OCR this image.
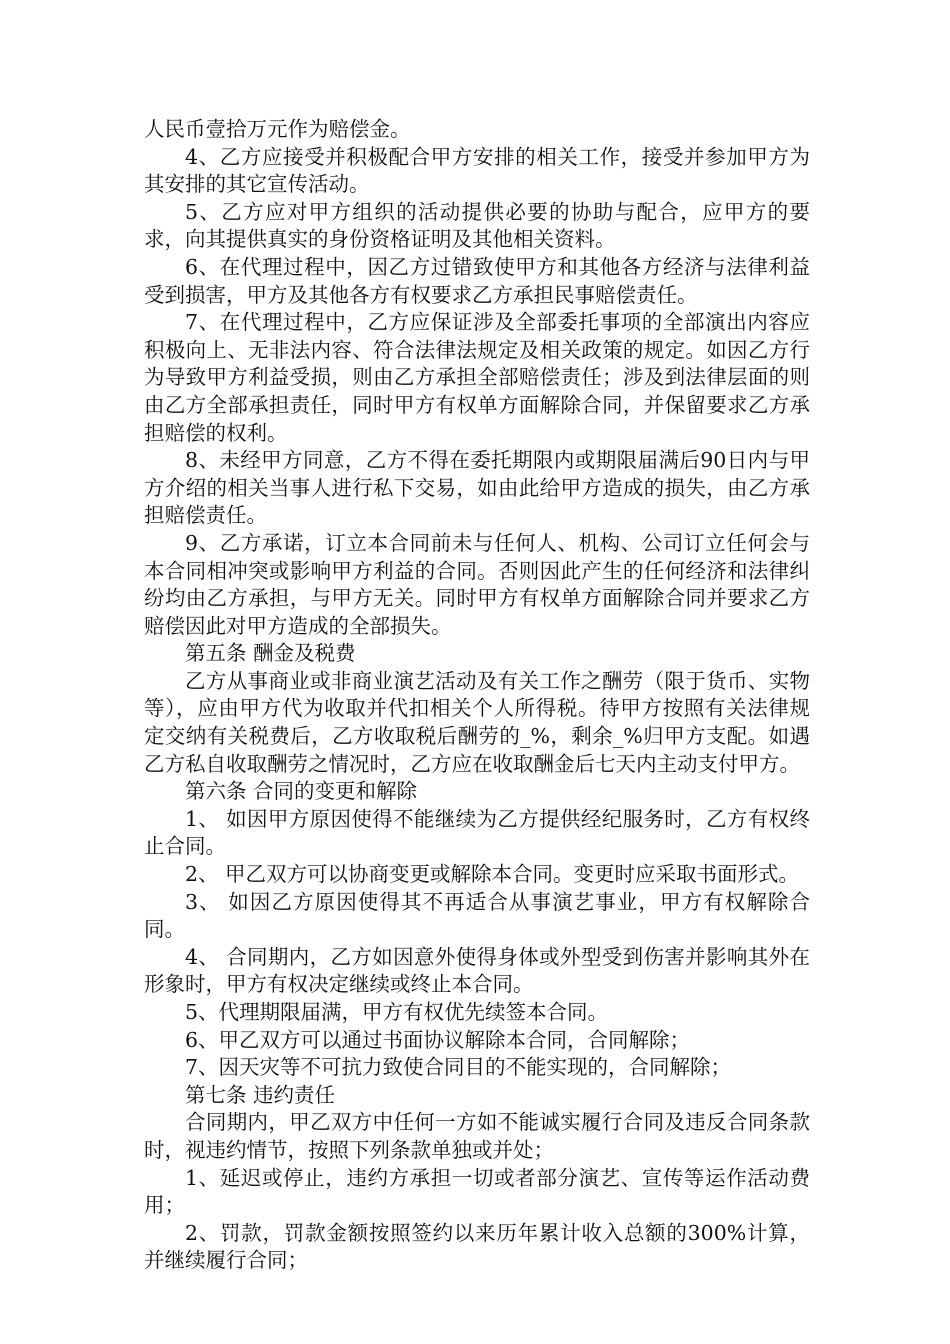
人民币壹拾万元作为赔偿金。

4、乙方应接受并积极配合甲方安排的相关工作，接受并参加甲方为其安排的其它宣传活动。

5、乙方应对甲方组织的活动提供必要的协助与配合，应甲方的要求，向其提供真实的身份资格证明及其他相关资料。

6、在代理过程中，因乙方过错致使甲方和其他各方经济与法律利益受到损害，甲方及其他各方有权要求乙方承担民事赔偿责任。

7、在代理过程中，乙方应保证涉及全部委托事项的全部演出内容应积极向上、无非法内容、符合法律法规定及相关政策的规定。如因乙方行为导致甲方利益受损，则由乙方承担全部赔偿责任；涉及到法律层面的则由乙方全部承担责任，同时甲方有权单方面解除合同，并保留要求乙方承担赔偿的权利。

8、未经甲方同意，乙方不得在委托期限内或期限届满后90日内与甲方介绍的相关当事人进行私下交易，如由此给甲方造成的损失，由乙方承担赔偿责任。

9、乙方承诺，订立本合同前未与任何人、机构、公司订立任何会与本合同相冲突或影响甲方利益的合同。否则因此产生的任何经济和法律纠纷均由乙方承担，与甲方无关。同时甲方有权单方面解除合同并要求乙方赔偿因此对甲方造成的全部损失。

第五条 酬金及税费

乙方从事商业或非商业演艺活动及有关工作之酬劳（限于货币、实物等），应由甲方代为收取并代扣相关个人所得税。待甲方按照有关法律规定交纳有关税费后，乙方收取税后酬劳的_%，剩余_%归甲方支配。如遇乙方私自收取酬劳之情况时，乙方应在收取酬金后七天内主动支付甲方。

第六条 合同的变更和解除

1、 如因甲方原因使得不能继续为乙方提供经纪服务时，乙方有权终止合同。

2、 甲乙双方可以协商变更或解除本合同。变更时应采取书面形式。

3、 如因乙方原因使得其不再适合从事演艺事业，甲方有权解除合同。

4、 合同期内，乙方如因意外使得身体或外型受到伤害并影响其外在形象时，甲方有权决定继续或终止本合同。

5、代理期限届满，甲方有权优先续签本合同。

6、甲乙双方可以通过书面协议解除本合同，合同解除；

7、因天灾等不可抗力致使合同目的不能实现的，合同解除；

第七条 违约责任

合同期内，甲乙双方中任何一方如不能诚实履行合同及违反合同条款时，视违约情节，按照下列条款单独或并处；

1、延迟或停止，违约方承担一切或者部分演艺、宣传等运作活动费用；

2、罚款，罚款金额按照签约以来历年累计收入总额的300%计算，并继续履行合同；
